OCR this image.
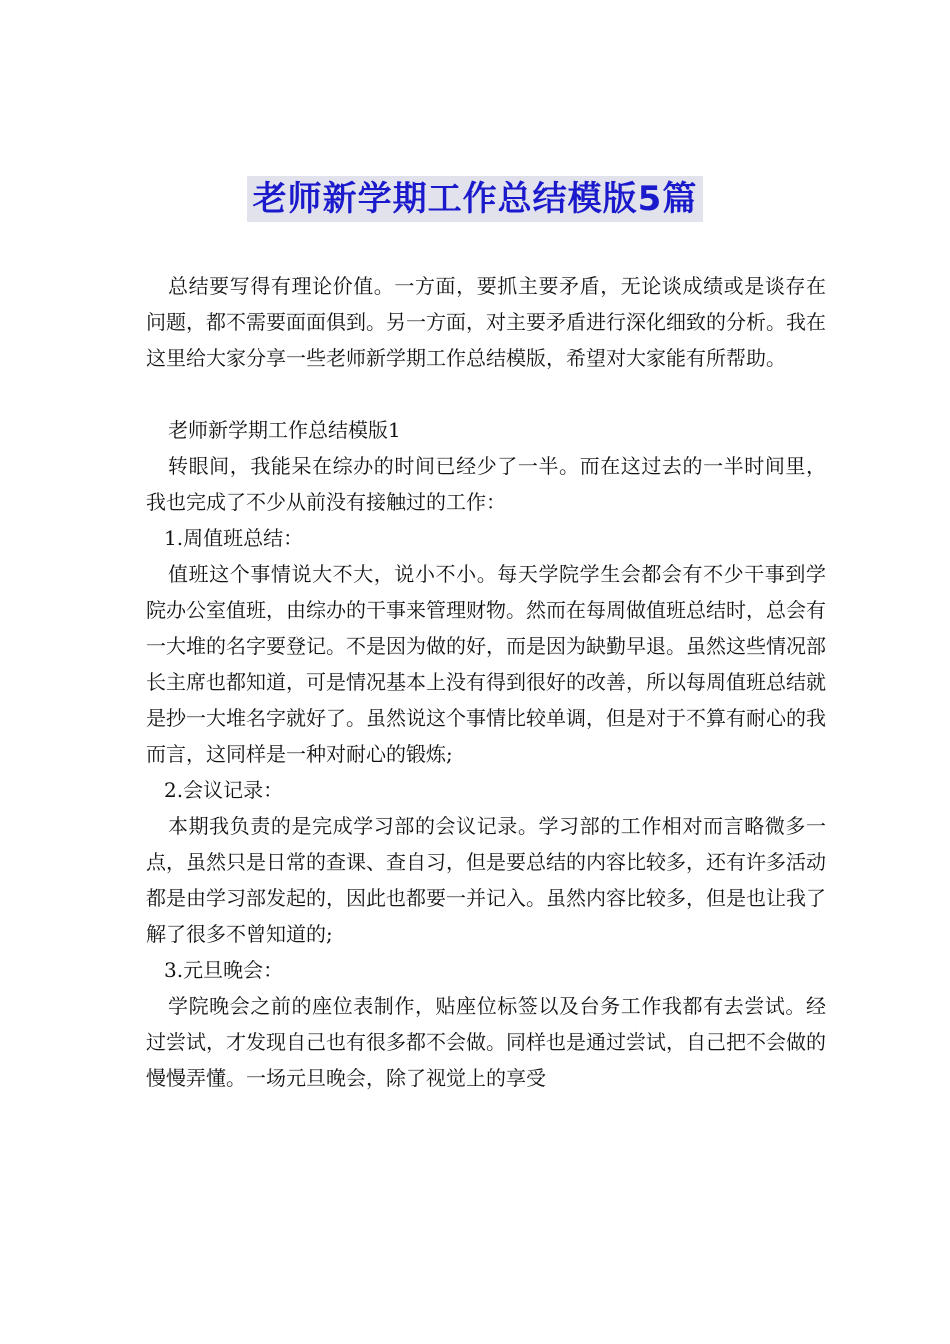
老师新学期工作总结模版5篇

总结要写得有理论价值。一方面，要抓主要矛盾，无论谈成绩或是谈存在问题，都不需要面面俱到。另一方面，对主要矛盾进行深化细致的分析。我在这里给大家分享一些老师新学期工作总结模版，希望对大家能有所帮助。

老师新学期工作总结模版1

转眼间，我能呆在综办的时间已经少了一半。而在这过去的一半时间里，我也完成了不少从前没有接触过的工作：

1.周值班总结：

值班这个事情说大不大，说小不小。每天学院学生会都会有不少干事到学院办公室值班，由综办的干事来管理财物。然而在每周做值班总结时，总会有一大堆的名字要登记。不是因为做的好，而是因为缺勤早退。虽然这些情况部长主席也都知道，可是情况基本上没有得到很好的改善，所以每周值班总结就是抄一大堆名字就好了。虽然说这个事情比较单调，但是对于不算有耐心的我而言，这同样是一种对耐心的锻炼;

2.会议记录：

本期我负责的是完成学习部的会议记录。学习部的工作相对而言略微多一点，虽然只是日常的查课、查自习，但是要总结的内容比较多，还有许多活动都是由学习部发起的，因此也都要一并记入。虽然内容比较多，但是也让我了解了很多不曾知道的;

3.元旦晚会：

学院晚会之前的座位表制作，贴座位标签以及台务工作我都有去尝试。经过尝试，才发现自己也有很多都不会做。同样也是通过尝试，自己把不会做的慢慢弄懂。一场元旦晚会，除了视觉上的享受
